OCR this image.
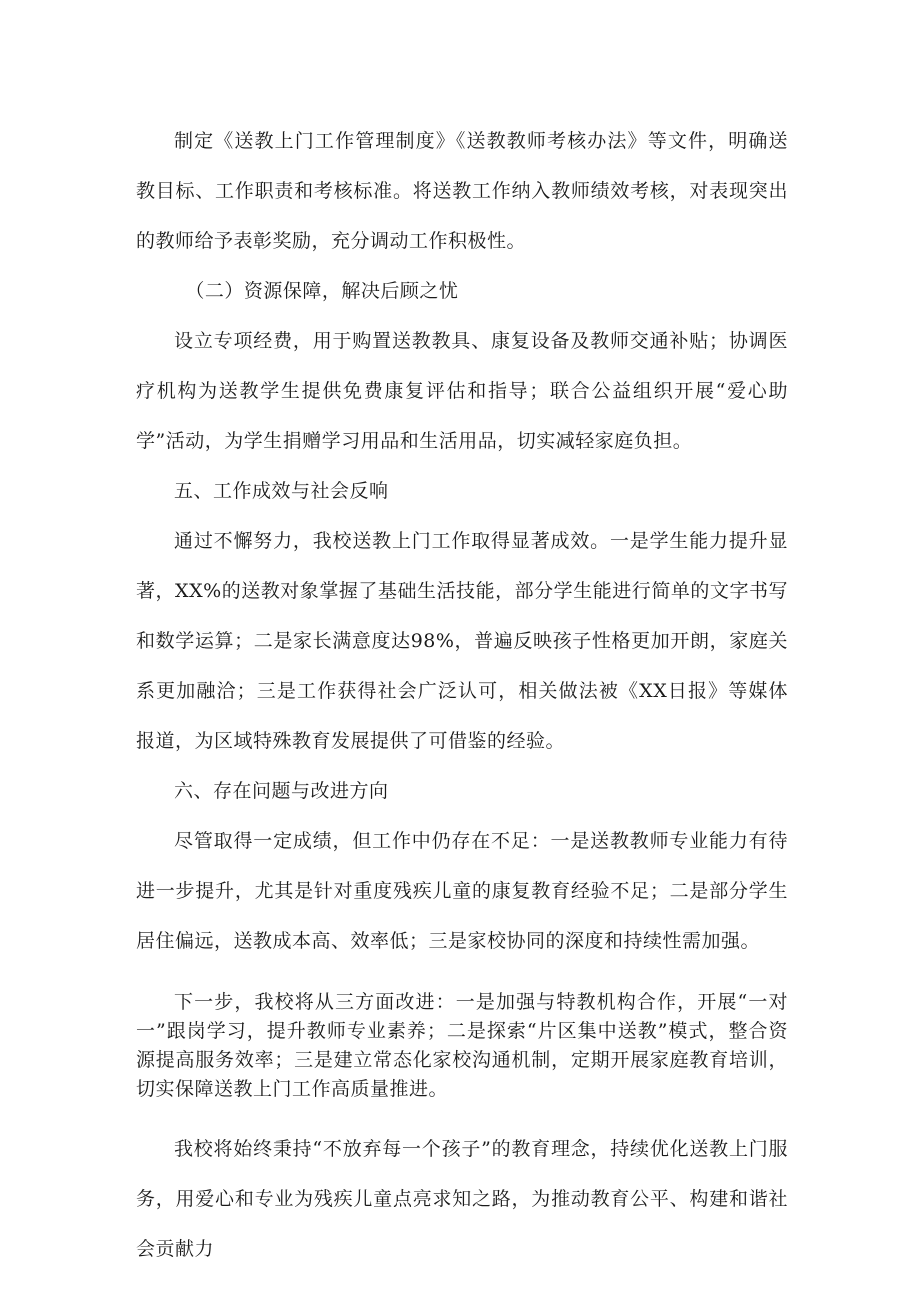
制定《送教上门工作管理制度》《送教教师考核办法》等文件，明确送教目标、工作职责和考核标准。将送教工作纳入教师绩效考核，对表现突出的教师给予表彰奖励，充分调动工作积极性。

（二）资源保障，解决后顾之忧

设立专项经费，用于购置送教教具、康复设备及教师交通补贴；协调医疗机构为送教学生提供免费康复评估和指导；联合公益组织开展“爱心助学”活动，为学生捐赠学习用品和生活用品，切实减轻家庭负担。

五、工作成效与社会反响

通过不懈努力，我校送教上门工作取得显著成效。一是学生能力提升显著，XX%的送教对象掌握了基础生活技能，部分学生能进行简单的文字书写和数学运算；二是家长满意度达98%，普遍反映孩子性格更加开朗，家庭关系更加融洽；三是工作获得社会广泛认可，相关做法被《XX日报》等媒体报道，为区域特殊教育发展提供了可借鉴的经验。

六、存在问题与改进方向

尽管取得一定成绩，但工作中仍存在不足：一是送教教师专业能力有待进一步提升，尤其是针对重度残疾儿童的康复教育经验不足；二是部分学生居住偏远，送教成本高、效率低；三是家校协同的深度和持续性需加强。

下一步，我校将从三方面改进：一是加强与特教机构合作，开展“一对一”跟岗学习，提升教师专业素养；二是探索“片区集中送教”模式，整合资源提高服务效率；三是建立常态化家校沟通机制，定期开展家庭教育培训，切实保障送教上门工作高质量推进。

我校将始终秉持“不放弃每一个孩子”的教育理念，持续优化送教上门服务，用爱心和专业为残疾儿童点亮求知之路，为推动教育公平、构建和谐社会贡献力
